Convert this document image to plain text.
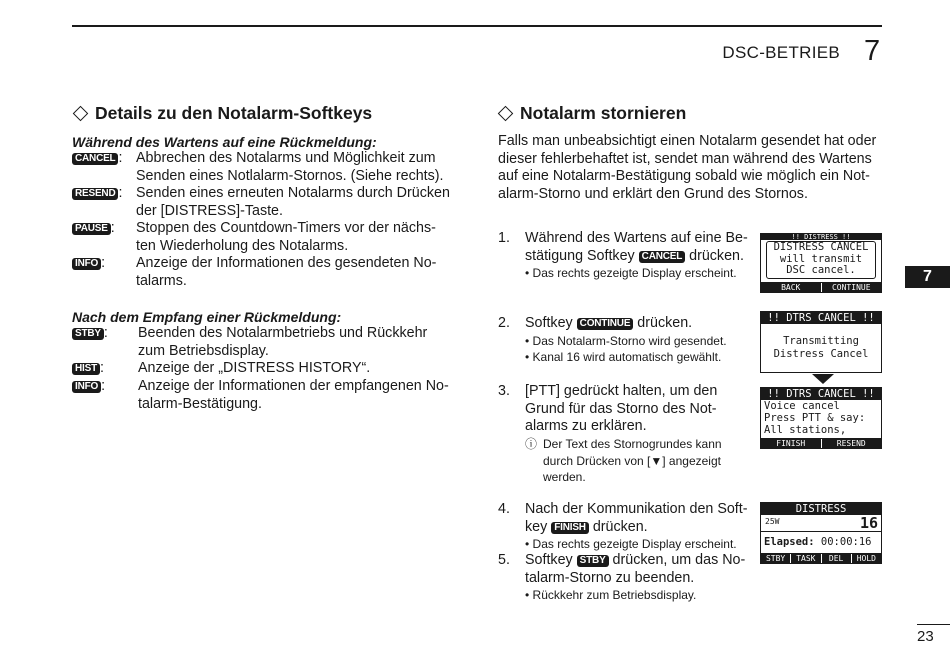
DSC-BETRIEB 7
7
Details zu den Notalarm-Softkeys
Während des Wartens auf eine Rückmeldung:
CANCEL : Abbrechen des Notalarms und Möglichkeit zum
Senden eines Notlalarm-Stornos. (Siehe rechts).
RESEND : Senden eines erneuten Notalarms durch Drücken
der [DISTRESS]-Taste.
PAUSE : Stoppen des Countdown-Timers vor der nächs-
ten Wiederholung des Notalarms.
INFO : Anzeige der Informationen des gesendeten No-
talarms.
Nach dem Empfang einer Rückmeldung:
STBY : Beenden des Notalarmbetriebs und Rückkehr
zum Betriebsdisplay.
HIST : Anzeige der „DISTRESS HISTORY“.
INFO : Anzeige der Informationen der empfangenen No-
talarm-Bestätigung.
Notalarm stornieren
Falls man unbeabsichtigt einen Notalarm gesendet hat oder
dieser fehlerbehaftet ist, sendet man während des Wartens
auf eine Notalarm-Bestätigung sobald wie möglich ein Not-
alarm-Storno und erklärt den Grund des Stornos.
1. Während des Wartens auf eine Be-
stätigung Softkey CANCEL drücken.
• Das rechts gezeigte Display erscheint.
2. Softkey CONTINUE drücken.
• Das Notalarm-Storno wird gesendet.
• Kanal 16 wird automatisch gewählt.
3. [PTT] gedrückt halten, um den
Grund für das Storno des Not-
alarms zu erklären.
ⓘ Der Text des Stornogrundes kann
durch Drücken von [▼] angezeigt
werden.
4. Nach der Kommunikation den Soft-
key FINISH drücken.
• Das rechts gezeigte Display erscheint.
5. Softkey STBY drücken, um das No-
talarm-Storno zu beenden.
• Rückkehr zum Betriebsdisplay.
!! DISTRESS !!
DISTRESS CANCEL
will transmit
DSC cancel.
BACK	CONTINUE
!! DTRS CANCEL !!
Transmitting
Distress Cancel
!! DTRS CANCEL !!
Voice cancel
Press PTT & say:
All stations,
FINISH	RESEND
DISTRESS
25W	16
Elapsed: 00:00:16
STBY	TASK	DEL	HOLD
23
